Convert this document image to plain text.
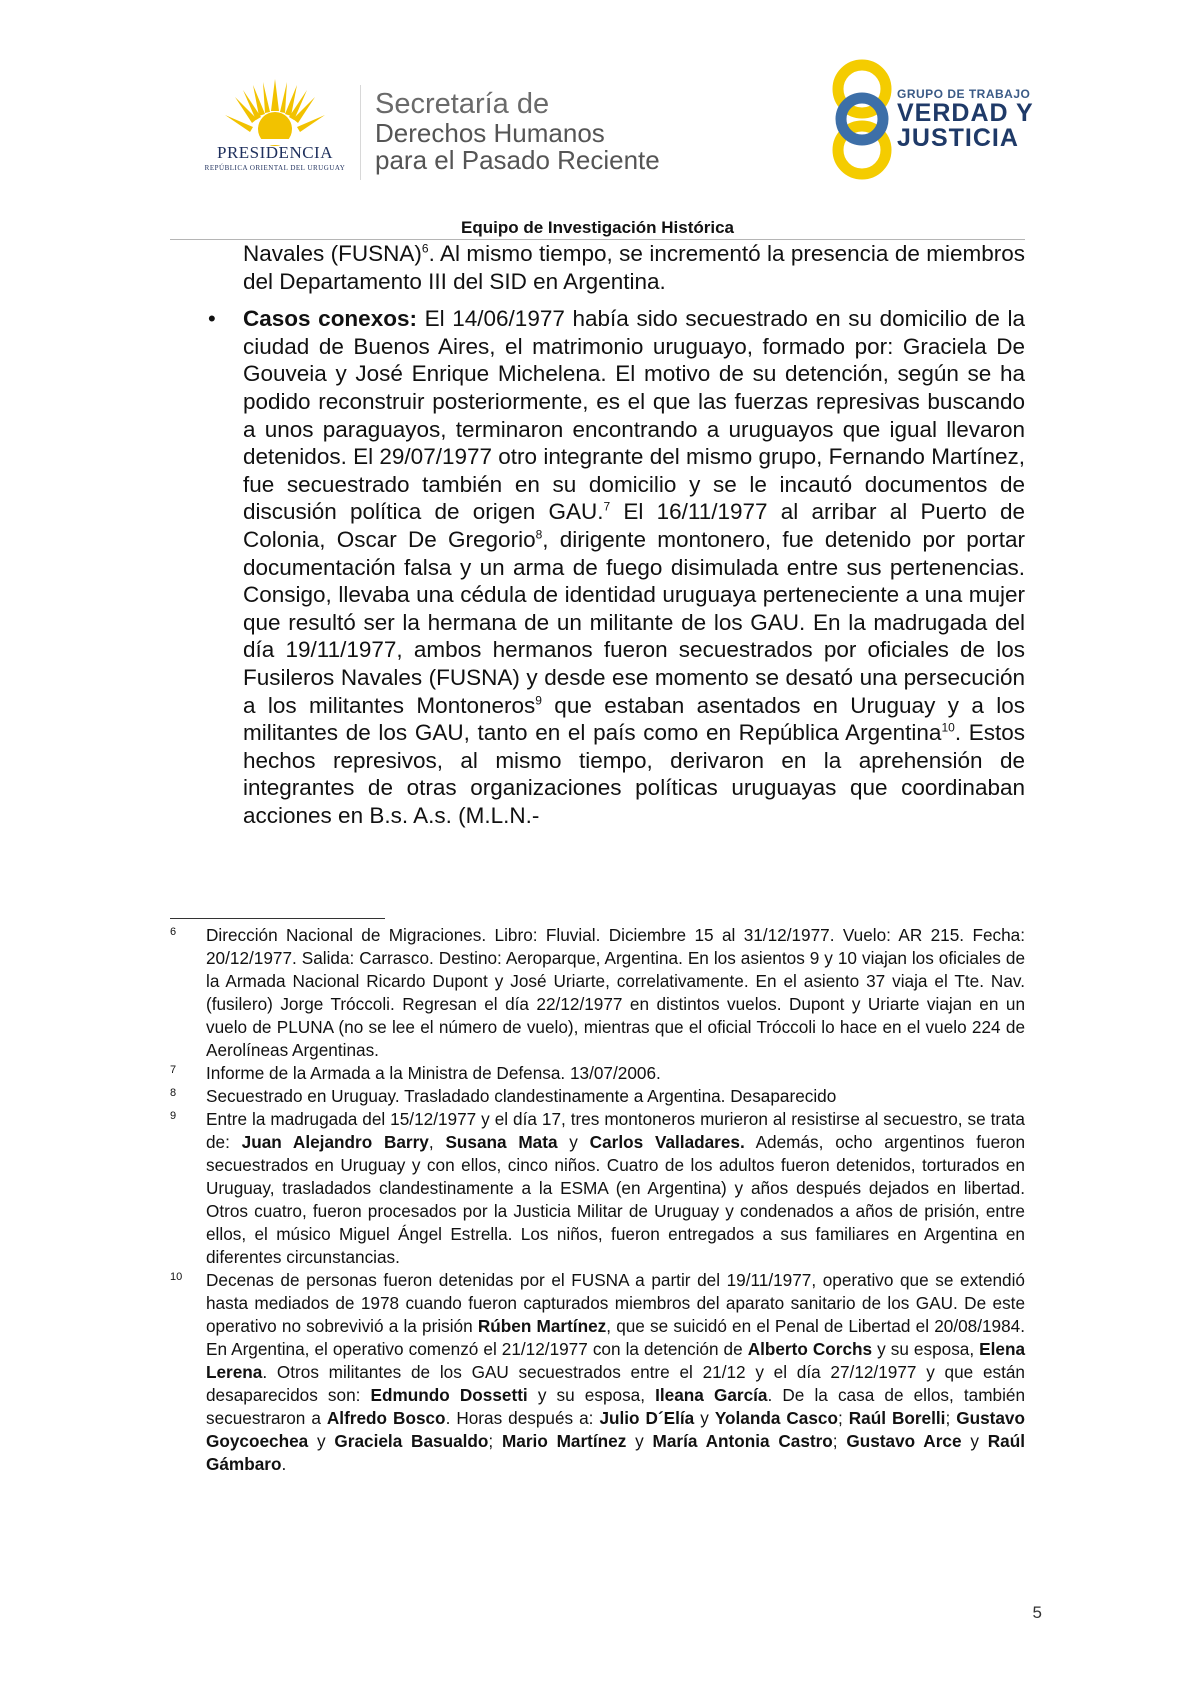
PRESIDENCIA
REPÚBLICA ORIENTAL DEL URUGUAY
Secretaría de
Derechos Humanos
para el Pasado Reciente
GRUPO DE TRABAJO
VERDAD Y
JUSTICIA
Equipo de Investigación Histórica

Navales (FUSNA)$^6$. Al mismo tiempo, se incrementó la presencia de miembros del Departamento III del SID en Argentina.

• Casos conexos: El 14/06/1977 había sido secuestrado en su domicilio de la ciudad de Buenos Aires, el matrimonio uruguayo, formado por: Graciela De Gouveia y José Enrique Michelena. El motivo de su detención, según se ha podido reconstruir posteriormente, es el que las fuerzas represivas buscando a unos paraguayos, terminaron encontrando a uruguayos que igual llevaron detenidos. El 29/07/1977 otro integrante del mismo grupo, Fernando Martínez, fue secuestrado también en su domicilio y se le incautó documentos de discusión política de origen GAU.$^7$ El 16/11/1977 al arribar al Puerto de Colonia, Oscar De Gregorio$^8$, dirigente montonero, fue detenido por portar documentación falsa y un arma de fuego disimulada entre sus pertenencias. Consigo, llevaba una cédula de identidad uruguaya perteneciente a una mujer que resultó ser la hermana de un militante de los GAU. En la madrugada del día 19/11/1977, ambos hermanos fueron secuestrados por oficiales de los Fusileros Navales (FUSNA) y desde ese momento se desató una persecución a los militantes Montoneros$^9$ que estaban asentados en Uruguay y a los militantes de los GAU, tanto en el país como en República Argentina$^{10}$. Estos hechos represivos, al mismo tiempo, derivaron en la aprehensión de integrantes de otras organizaciones políticas uruguayas que coordinaban acciones en B.s. A.s. (M.L.N.-

6 Dirección Nacional de Migraciones. Libro: Fluvial. Diciembre 15 al 31/12/1977. Vuelo: AR 215. Fecha: 20/12/1977. Salida: Carrasco. Destino: Aeroparque, Argentina. En los asientos 9 y 10 viajan los oficiales de la Armada Nacional Ricardo Dupont y José Uriarte, correlativamente. En el asiento 37 viaja el Tte. Nav. (fusilero) Jorge Tróccoli. Regresan el día 22/12/1977 en distintos vuelos. Dupont y Uriarte viajan en un vuelo de PLUNA (no se lee el número de vuelo), mientras que el oficial Tróccoli lo hace en el vuelo 224 de Aerolíneas Argentinas.

7 Informe de la Armada a la Ministra de Defensa. 13/07/2006.

8 Secuestrado en Uruguay. Trasladado clandestinamente a Argentina. Desaparecido

9 Entre la madrugada del 15/12/1977 y el día 17, tres montoneros murieron al resistirse al secuestro, se trata de: Juan Alejandro Barry, Susana Mata y Carlos Valladares. Además, ocho argentinos fueron secuestrados en Uruguay y con ellos, cinco niños. Cuatro de los adultos fueron detenidos, torturados en Uruguay, trasladados clandestinamente a la ESMA (en Argentina) y años después dejados en libertad. Otros cuatro, fueron procesados por la Justicia Militar de Uruguay y condenados a años de prisión, entre ellos, el músico Miguel Ángel Estrella. Los niños, fueron entregados a sus familiares en Argentina en diferentes circunstancias.

10 Decenas de personas fueron detenidas por el FUSNA a partir del 19/11/1977, operativo que se extendió hasta mediados de 1978 cuando fueron capturados miembros del aparato sanitario de los GAU. De este operativo no sobrevivió a la prisión Rúben Martínez, que se suicidó en el Penal de Libertad el 20/08/1984. En Argentina, el operativo comenzó el 21/12/1977 con la detención de Alberto Corchs y su esposa, Elena Lerena. Otros militantes de los GAU secuestrados entre el 21/12 y el día 27/12/1977 y que están desaparecidos son: Edmundo Dossetti y su esposa, Ileana García. De la casa de ellos, también secuestraron a Alfredo Bosco. Horas después a: Julio D´Elía y Yolanda Casco; Raúl Borelli; Gustavo Goycoechea y Graciela Basualdo; Mario Martínez y María Antonia Castro; Gustavo Arce y Raúl Gámbaro.

5
